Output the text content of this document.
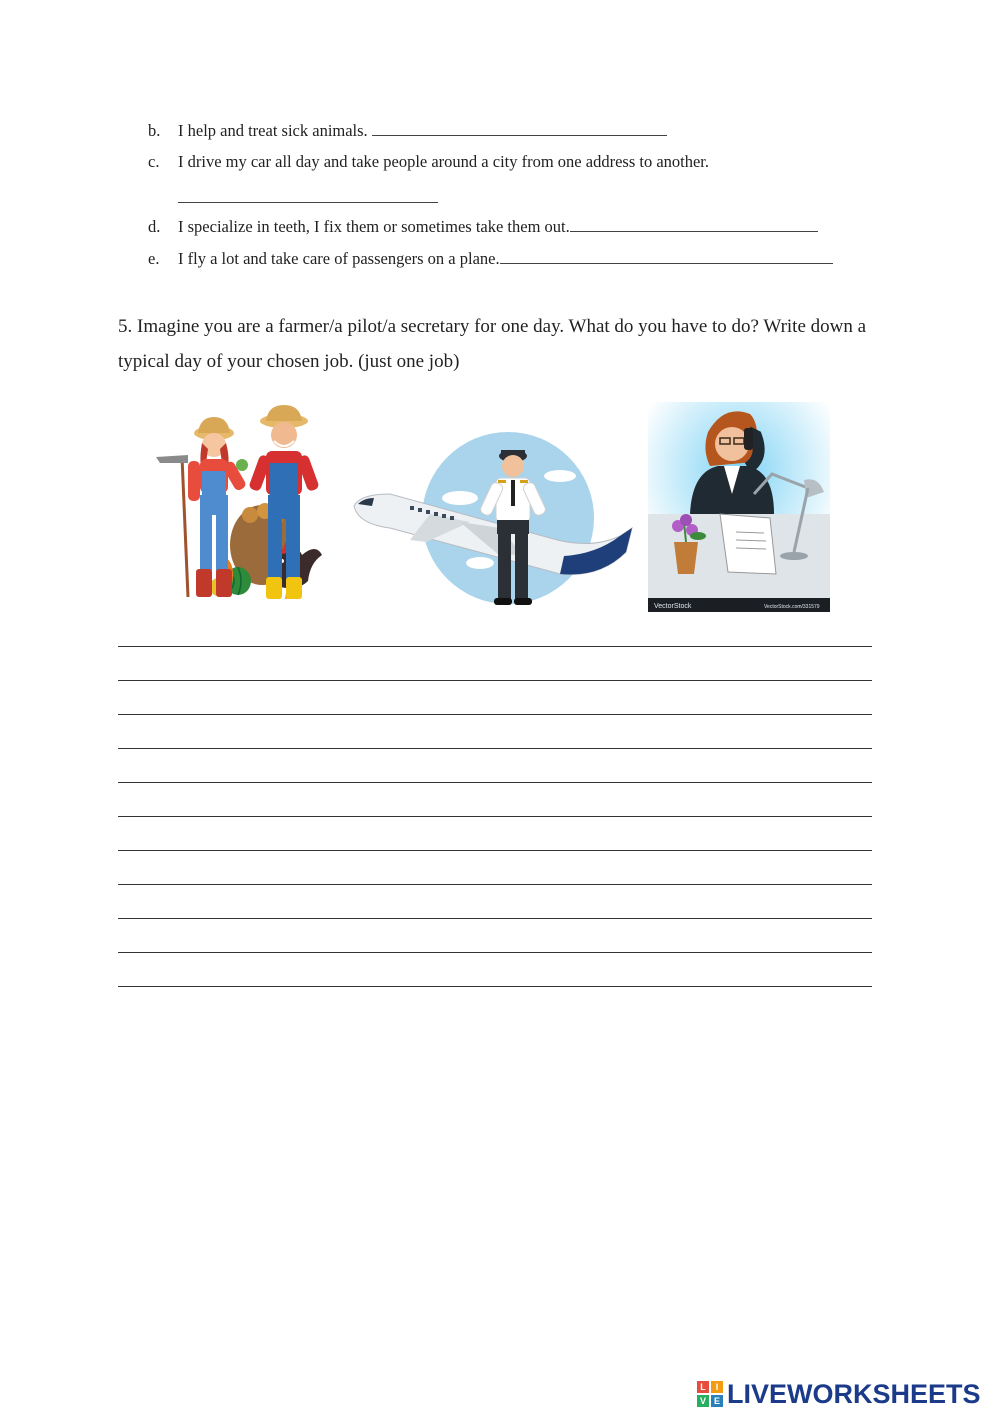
b. I help and treat sick animals.
c. I drive my car all day and take people around a city from one address to another.
d. I specialize in teeth, I fix them or sometimes take them out.
e. I fly a lot and take care of passengers on a plane.
5. Imagine you are a farmer/a pilot/a secretary for one day. What do you have to do? Write down a typical day of your chosen job. (just one job)
VectorStock	VectorStock.com/331579
L	I
V E LIVEWORKSHEETS
